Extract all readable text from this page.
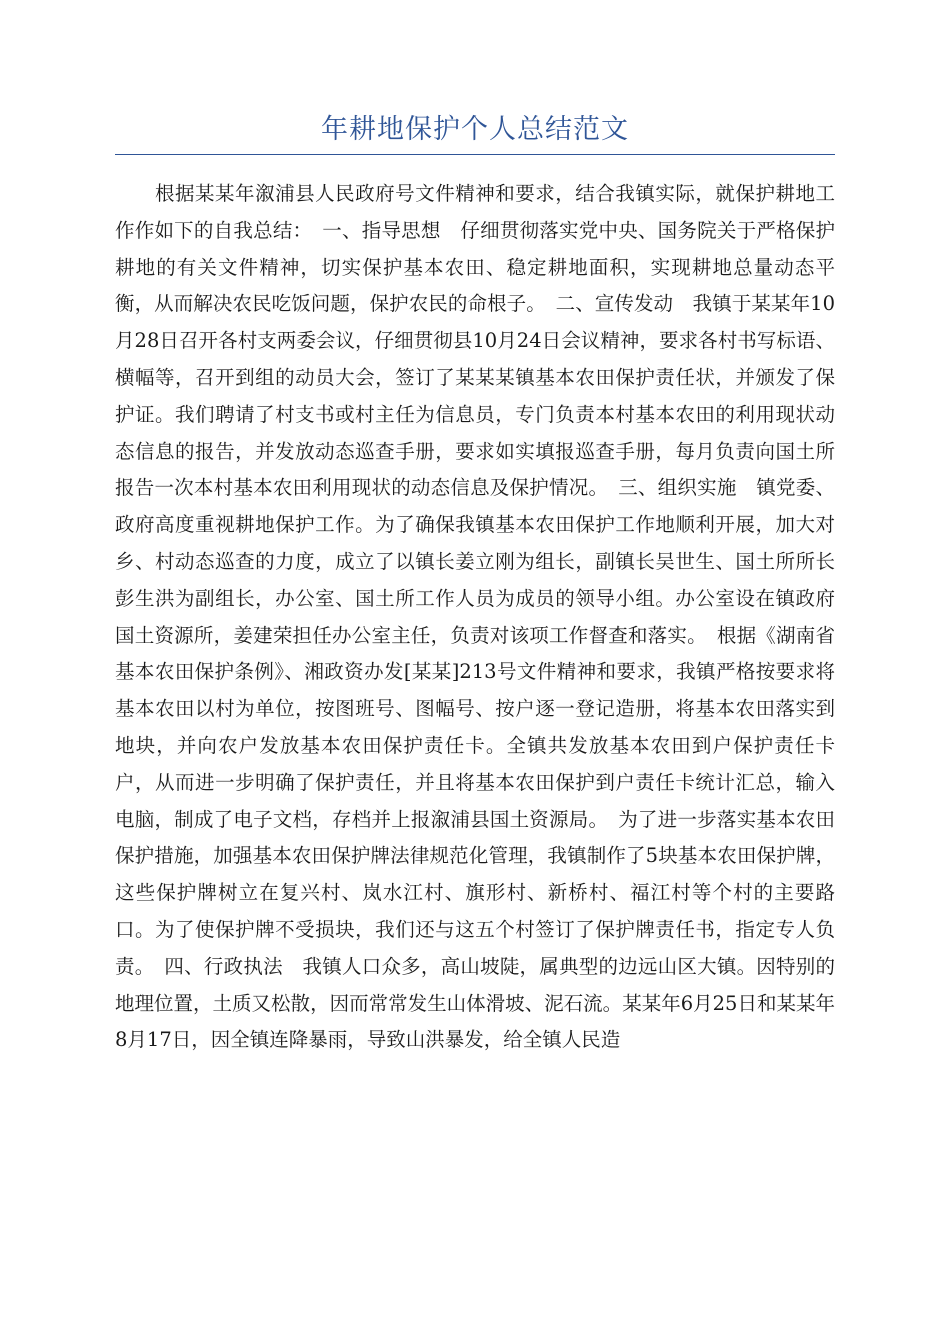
年耕地保护个人总结范文

根据某某年溆浦县人民政府号文件精神和要求，结合我镇实际，就保护耕地工作作如下的自我总结：　一、指导思想　仔细贯彻落实党中央、国务院关于严格保护耕地的有关文件精神，切实保护基本农田、稳定耕地面积，实现耕地总量动态平衡，从而解决农民吃饭问题，保护农民的命根子。　二、宣传发动　我镇于某某年10月28日召开各村支两委会议，仔细贯彻县10月24日会议精神，要求各村书写标语、横幅等，召开到组的动员大会，签订了某某某镇基本农田保护责任状，并颁发了保护证。我们聘请了村支书或村主任为信息员，专门负责本村基本农田的利用现状动态信息的报告，并发放动态巡查手册，要求如实填报巡查手册，每月负责向国土所报告一次本村基本农田利用现状的动态信息及保护情况。　三、组织实施　镇党委、政府高度重视耕地保护工作。为了确保我镇基本农田保护工作地顺利开展，加大对乡、村动态巡查的力度，成立了以镇长姜立刚为组长，副镇长吴世生、国土所所长彭生洪为副组长，办公室、国土所工作人员为成员的领导小组。办公室设在镇政府国土资源所，姜建荣担任办公室主任，负责对该项工作督查和落实。　根据《湖南省基本农田保护条例》、湘政资办发[某某]213号文件精神和要求，我镇严格按要求将基本农田以村为单位，按图班号、图幅号、按户逐一登记造册，将基本农田落实到地块，并向农户发放基本农田保护责任卡。全镇共发放基本农田到户保护责任卡户，从而进一步明确了保护责任，并且将基本农田保护到户责任卡统计汇总，输入电脑，制成了电子文档，存档并上报溆浦县国土资源局。　为了进一步落实基本农田保护措施，加强基本农田保护牌法律规范化管理，我镇制作了5块基本农田保护牌，这些保护牌树立在复兴村、岚水江村、旗形村、新桥村、福江村等个村的主要路口。为了使保护牌不受损块，我们还与这五个村签订了保护牌责任书，指定专人负责。　四、行政执法　我镇人口众多，高山坡陡，属典型的边远山区大镇。因特别的地理位置，土质又松散，因而常常发生山体滑坡、泥石流。某某年6月25日和某某年8月17日，因全镇连降暴雨，导致山洪暴发，给全镇人民造
